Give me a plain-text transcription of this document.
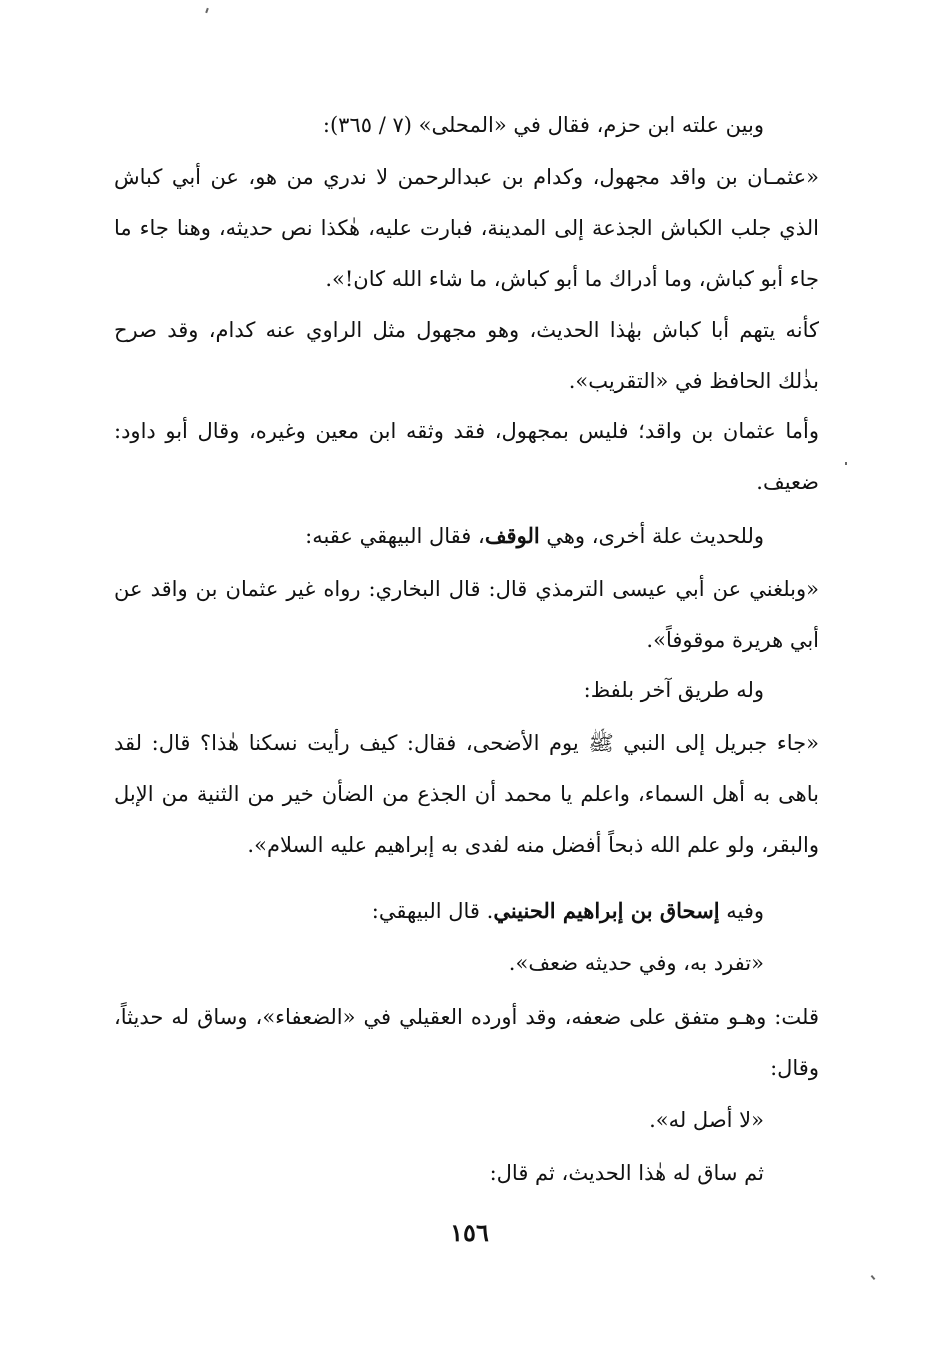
وبين علته ابن حزم، فقال في «المحلى» (٧ / ٣٦٥):

«عثمـان بن واقد مجهول، وكدام بن عبدالرحمن لا ندري من هو، عن أبي كباش الذي جلب الكباش الجذعة إلى المدينة، فبارت عليه، هٰكذا نص حديثه، وهنا جاء ما جاء أبو كباش، وما أدراك ما أبو كباش، ما شاء الله كان!».

كأنه يتهم أبا كباش بهٰذا الحديث، وهو مجهول مثل الراوي عنه كدام، وقد صرح بذٰلك الحافظ في «التقريب».

وأما عثمان بن واقد؛ فليس بمجهول، فقد وثقه ابن معين وغيره، وقال أبو داود: ضعيف.

وللحديث علة أخرى، وهي الوقف، فقال البيهقي عقبه:

«وبلغني عن أبي عيسى الترمذي قال: قال البخاري: رواه غير عثمان بن واقد عن أبي هريرة موقوفاً».

وله طريق آخر بلفظ:

«جاء جبريل إلى النبي ﷺ يوم الأضحى، فقال: كيف رأيت نسكنا هٰذا؟ قال: لقد باهى به أهل السماء، واعلم يا محمد أن الجذع من الضأن خير من الثنية من الإبل والبقر، ولو علم الله ذبحاً أفضل منه لفدى به إبراهيم عليه السلام».

وفيه إسحاق بن إبراهيم الحنيني. قال البيهقي:

«تفرد به، وفي حديثه ضعف».

قلت: وهـو متفق على ضعفه، وقد أورده العقيلي في «الضعفاء»، وساق له حديثاً، وقال:

«لا أصل له».

ثم ساق له هٰذا الحديث، ثم قال:

١٥٦
